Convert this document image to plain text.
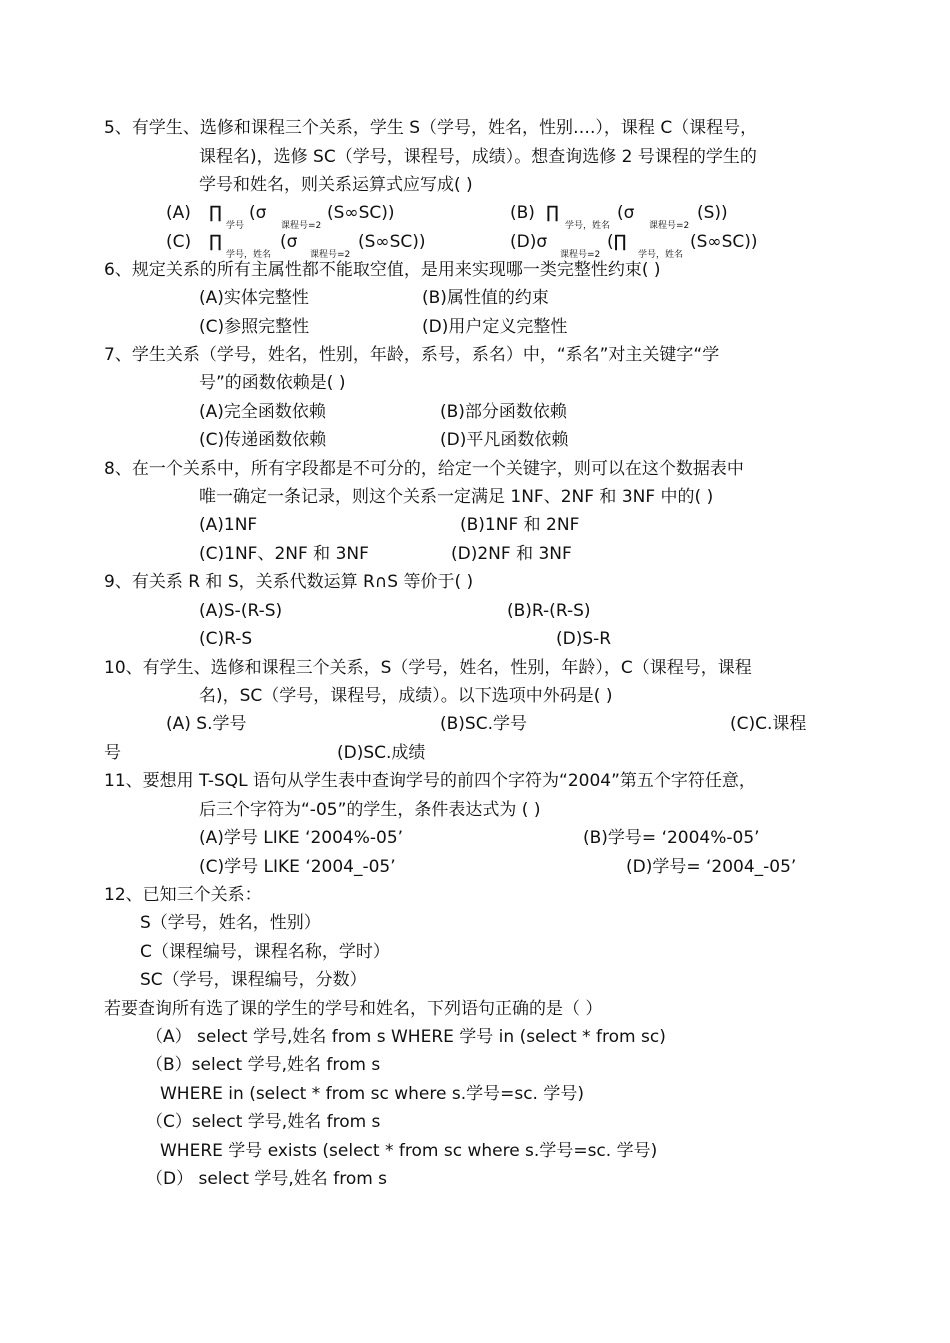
5、有学生、选修和课程三个关系，学生 S（学号，姓名，性别….），课程 C（课程号，
课程名)，选修 SC（学号，课程号，成绩）。想查询选修 2 号课程的学生的
学号和姓名，则关系运算式应写成( )
(A) ∏
学号
(σ
课程号=2
(S∞SC))	(B) ∏
学号，姓名
(σ
课程号=2
(S))
(C) ∏
学号，姓名
(σ
课程号=2
(S∞SC))	(D)σ
课程号=2
(∏
学号，姓名
(S∞SC))
6、规定关系的所有主属性都不能取空值，是用来实现哪一类完整性约束( )
(A)实体完整性	(B)属性值的约束
(C)参照完整性	(D)用户定义完整性
7、学生关系（学号，姓名，性别，年龄，系号，系名）中，“系名”对主关键字“学
号”的函数依赖是( )
(A)完全函数依赖	(B)部分函数依赖
(C)传递函数依赖	(D)平凡函数依赖
8、在一个关系中，所有字段都是不可分的，给定一个关键字，则可以在这个数据表中
唯一确定一条记录，则这个关系一定满足 1NF、2NF 和 3NF 中的( )
(A)1NF	(B)1NF 和 2NF
(C)1NF、2NF 和 3NF	(D)2NF 和 3NF
9、有关系 R 和 S，关系代数运算 R∩S 等价于( )
(A)S-(R-S)	(B)R-(R-S)
(C)R-S	(D)S-R
10、有学生、选修和课程三个关系，S（学号，姓名，性别，年龄），C（课程号，课程
名)，SC（学号，课程号，成绩）。以下选项中外码是( )
(A) S.学号	(B)SC.学号	(C)C.课程
号	(D)SC.成绩
11、要想用 T-SQL 语句从学生表中查询学号的前四个字符为“2004”第五个字符任意，
后三个字符为“-05”的学生，条件表达式为 ( )
(A)学号 LIKE ‘2004%-05’	(B)学号= ‘2004%-05’
(C)学号 LIKE ‘2004_-05’	(D)学号= ‘2004_-05’
12、已知三个关系：
S（学号，姓名，性别）
C（课程编号，课程名称，学时）
SC（学号，课程编号，分数）
若要查询所有选了课的学生的学号和姓名，下列语句正确的是（ ）
（A） select 学号,姓名 from s WHERE 学号 in (select * from sc)
（B）select 学号,姓名 from s
WHERE in (select * from sc where s.学号=sc. 学号)
（C）select 学号,姓名 from s
WHERE 学号 exists (select * from sc where s.学号=sc. 学号)
（D） select 学号,姓名 from s
